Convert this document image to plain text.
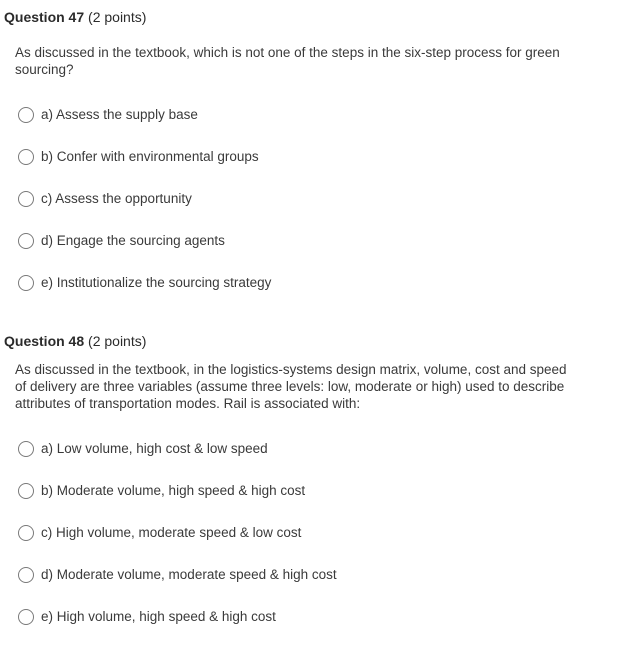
Question 47 (2 points)

As discussed in the textbook, which is not one of the steps in the six-step process for green sourcing?

a) Assess the supply base
b) Confer with environmental groups
c) Assess the opportunity
d) Engage the sourcing agents
e) Institutionalize the sourcing strategy
Question 48 (2 points)

As discussed in the textbook, in the logistics-systems design matrix, volume, cost and speed of delivery are three variables (assume three levels: low, moderate or high) used to describe attributes of transportation modes. Rail is associated with:

a) Low volume, high cost & low speed
b) Moderate volume, high speed & high cost
c) High volume, moderate speed & low cost
d) Moderate volume, moderate speed & high cost
e) High volume, high speed & high cost
